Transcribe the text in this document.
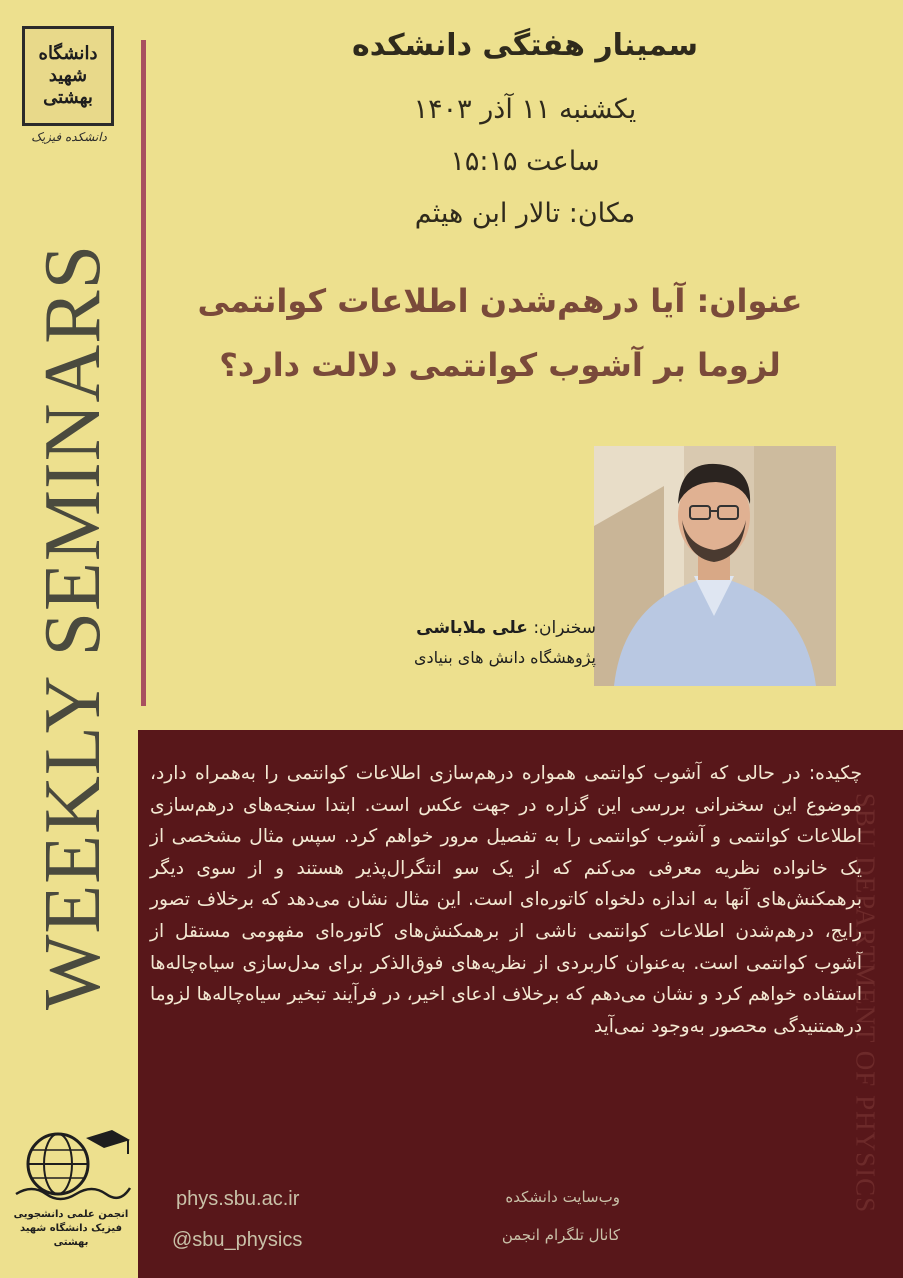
دانشگاه
شهید
بهشتی
دانشکده فیزیک
WEEKLY SEMINARS
انجمن علمی دانشجویی فیزیک دانشگاه شهید بهشتی
سمینار هفتگی دانشکده
یکشنبه ۱۱ آذر ۱۴۰۳
ساعت ۱۵:۱۵
مکان: تالار ابن هیثم
عنوان: آیا درهم‌شدن اطلاعات کوانتمی
لزوما بر آشوب کوانتمی دلالت دارد؟
سخنران: علی ملاباشی
پژوهشگاه دانش های بنیادی
SBU DEPARTMENT OF PHYSICS
چکیده: در حالی که آشوب کوانتمی همواره درهم‌سازی اطلاعات کوانتمی را به‌همراه دارد، موضوع این سخنرانی بررسی این گزاره در جهت عکس است. ابتدا سنجه‌های درهم‌سازی اطلاعات کوانتمی و آشوب کوانتمی را به تفصیل مرور خواهم کرد. سپس مثال مشخصی از یک خانواده نظریه معرفی می‌کنم که از یک سو انتگرال‌پذیر هستند و از سوی دیگر برهمکنش‌های آنها به اندازه دلخواه کاتوره‌ای است. این مثال نشان می‌دهد که برخلاف تصور رایج، درهم‌شدن اطلاعات کوانتمی ناشی از برهمکنش‌های کاتوره‌ای مفهومی مستقل از آشوب کوانتمی است. به‌عنوان کاربردی از نظریه‌های فوق‌الذکر برای مدل‌سازی سیاه‌چاله‌ها استفاده خواهم کرد و نشان می‌دهم که برخلاف ادعای اخیر، در فرآیند تبخیر سیاه‌چاله‌ها لزوما درهمتنیدگی محصور به‌وجود نمی‌آید
phys.sbu.ac.ir	وب‌سایت دانشکده
@sbu_physics	کانال تلگرام انجمن
